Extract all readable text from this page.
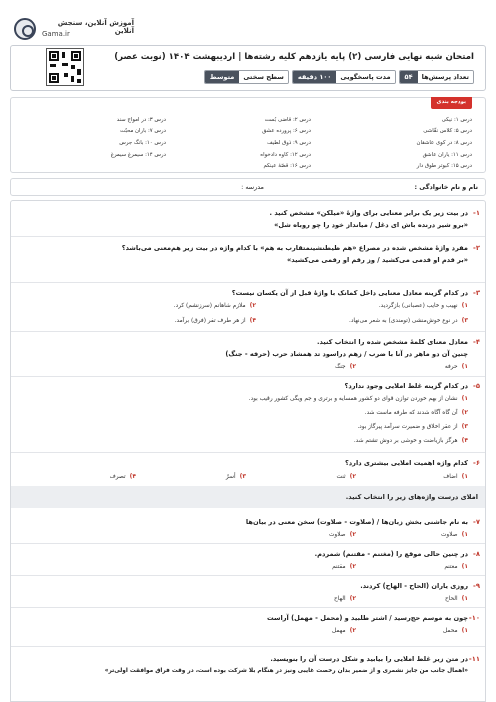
آموزش آنلاین، سنجش آنلاین
Gama.ir
امتحان شبه نهایی فارسی (۲) پایه یازدهم کلیه رشته‌ها | اردیبهشت ۱۴۰۴ (نوبت عصر)
تعداد پرسش‌ها
۵۴
مدت پاسخگویی
۱۰۰ دقیقه
سطح سختی
متوسط
بودجه بندی
درس ۱: نیکی
درس ۲: قاضی بُست
درس ۳: در امواج سند
درس ۵: کلاس نقّاشی
درس ۶: پرورده عشق
درس ۷: باران محبّت
درس ۸: در کوی عاشقان
درس ۹: ذوق لطیف
درس ۱۰: بانگ جرس
درس ۱۱: یاران عاشق
درس ۱۲: کاوه دادخواه
درس ۱۴: سیمرغ سیمرغ
درس ۱۵: کبوتر طوق دار
درس ۱۶: قصّهٔ عینکم
نام و نام خانوادگی :
مدرسه :
۱-
در بیت زیر یک برابر معنایی برای واژهٔ «میلکن» مشخص کنید .
«برو شیر درنده باش ای دغل / میانداز خود را چو روباه شل»
۲-
مفرد واژهٔ مشخص شده در مصراع «هم ظیطنشینمتقارب به هم» با کدام واژه در بیت زیر هم‌معنی می‌باشد؟
«بر قدم او قدمی می‌کشید / وز رقم او رقمی می‌کشید»
۳-
در کدام گزینه معادل معنایی داخل کمانک با واژهٔ قبل از آن یکسان نیست؟
۱)
نهیب و خایب (عصبانی) بازگردید.
۲)
ملازم شاهانم (سرزنشم) کرد.
۳)
در نوع خوش‌منشی (تومندی) به شعر می‌نهاد.
۴)
از هر طرف تفر (فرق) برآمد.
۴-
معادل معنای کلمهٔ مشخص شده را انتخاب کنید.
چنین آن دو ماهر در آنا با ضرب / زهم دراسود تد همشاد حرب (حرفه - جنگ)
۱)
حرفه
۲)
جنگ
۵-
در کدام گزینه غلط املایی وجود ندارد؟
۱)
نشان از بهم خوردن توازن قوای دو کشور همسایه و برتری و جم ویگی کشور رقیب بود.
۲)
آن گاه آگاه شدند که طرفه ماست شد.
۳)
از عقر اخلاق و ضمیرت سرآمد پیرگاز بود.
۴)
هرگز بازیاضت و خوشی بر دوش تشتم شد.
۶-
کدام واژه اهمیت املایی بیشتری دارد؟
۱)
اضاف
۲)
ثنت
۳)
أسرُ
۴)
تصرف
املای درست واژه‌های زیر را انتخاب کنید.
۷-
به نام جاشنی بخش زبان‌ها / (صلاوت - صلاوت) سخن معنی در بیان‌ها
۱)
صلاوت
۲)
صلاوت
۸-
در چنین حالی موقع را (مغتنم - مقتنم) شمردم.
۱)
مغتنم
۲)
مقتنم
۹-
روزی یاران (الحاح - الهاح) کردند.
۱)
الحاح
۲)
الهاح
۱۰-
چون به موسم حج‌رسید / اشتر طلبید و (محمل - مهمل) آراست
۱)
محمل
۲)
مهمل
۱۱-
در متن زیر غلط املایی را بیابید و شکل درست آن را بنویسید.
«اهمال جانب من جایز نشمری و از ضمیر بدان رخصت غایبی ونیز در هنگام بلا شرکت بوده است، در وقت فراق موافقت اولی‌تر»
